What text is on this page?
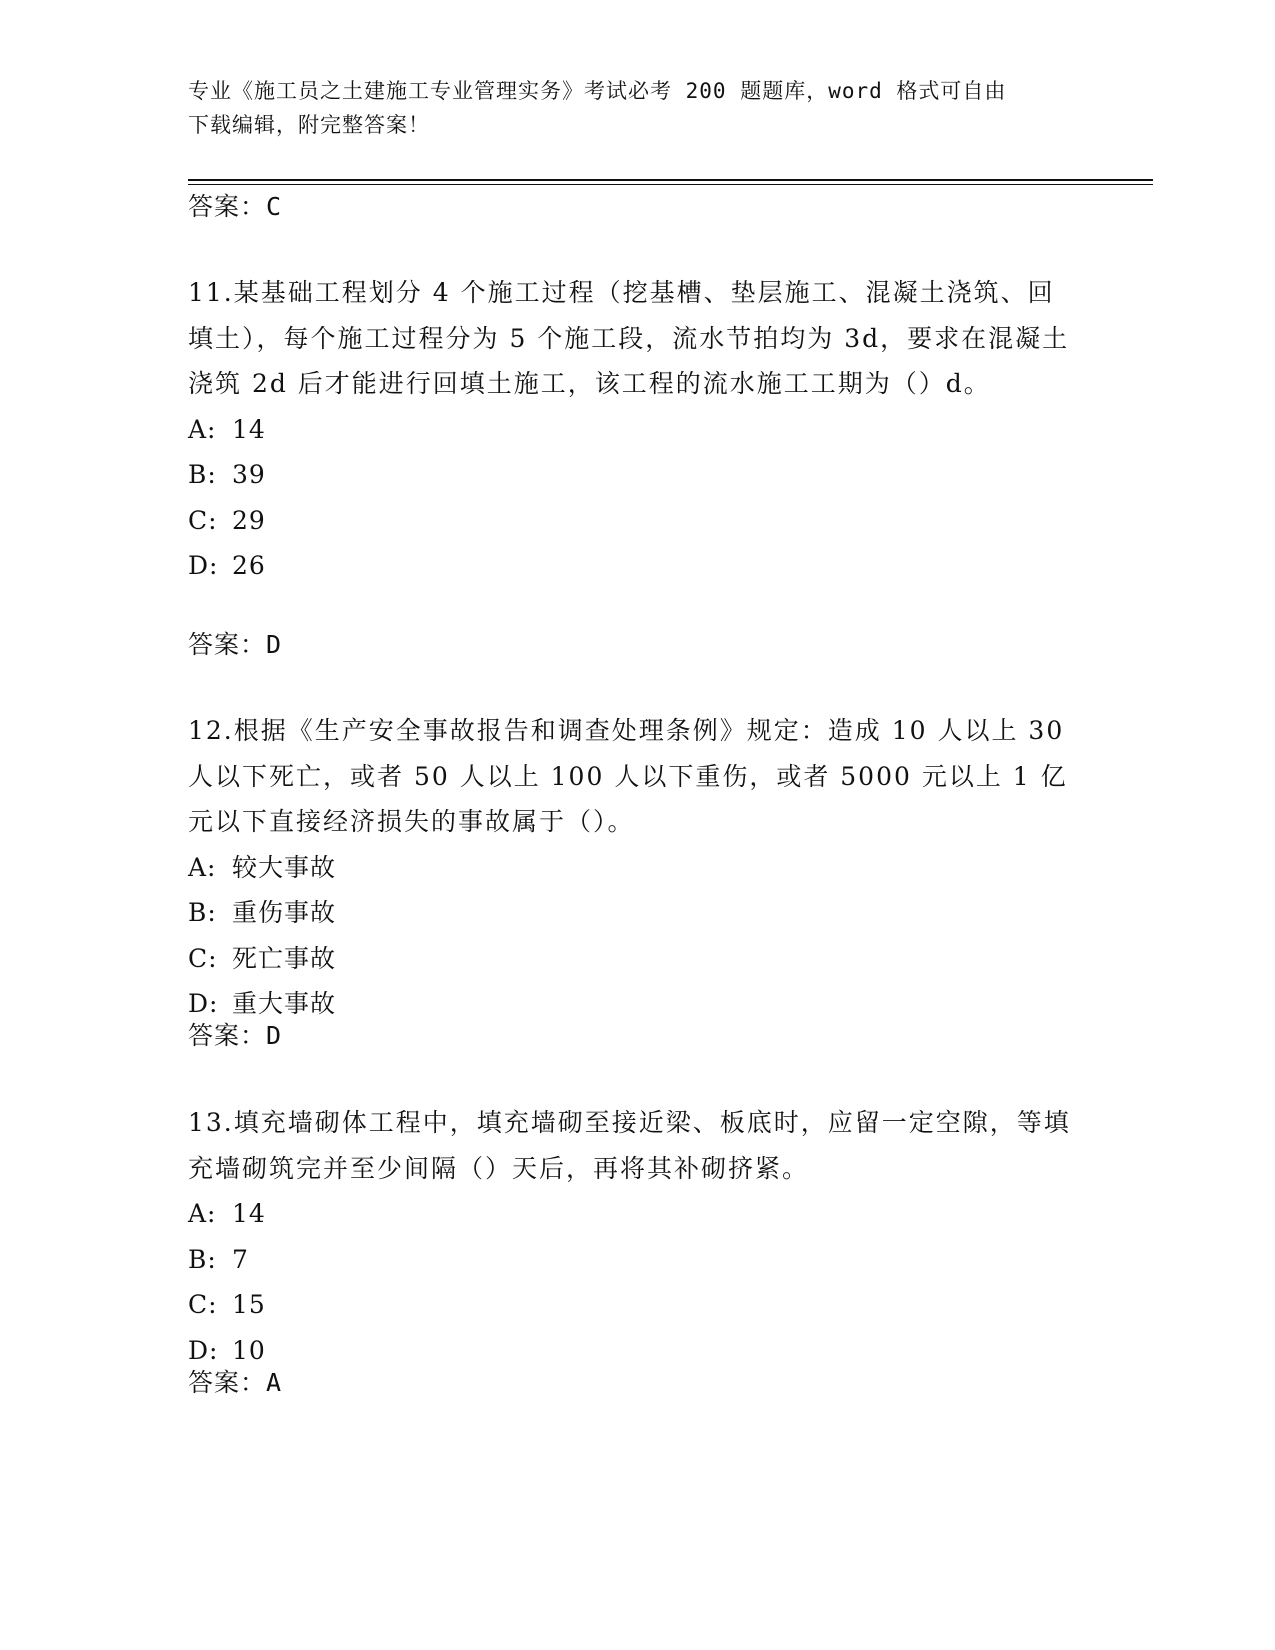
专业《施工员之土建施工专业管理实务》考试必考 200 题题库，word 格式可自由
下载编辑，附完整答案！
答案：C

11.某基础工程划分 4 个施工过程（挖基槽、垫层施工、混凝土浇筑、回填土），每个施工过程分为 5 个施工段，流水节拍均为 3d，要求在混凝土浇筑 2d 后才能进行回填土施工，该工程的流水施工工期为（）d。

A: 14

B: 39

C: 29

D: 26

答案：D

12.根据《生产安全事故报告和调查处理条例》规定：造成 10 人以上 30 人以下死亡，或者 50 人以上 100 人以下重伤，或者 5000 元以上 1 亿元以下直接经济损失的事故属于（）。

A: 较大事故

B: 重伤事故

C: 死亡事故

D: 重大事故

答案：D

13.填充墙砌体工程中，填充墙砌至接近梁、板底时，应留一定空隙，等填充墙砌筑完并至少间隔（）天后，再将其补砌挤紧。

A: 14

B: 7

C: 15

D: 10

答案：A
